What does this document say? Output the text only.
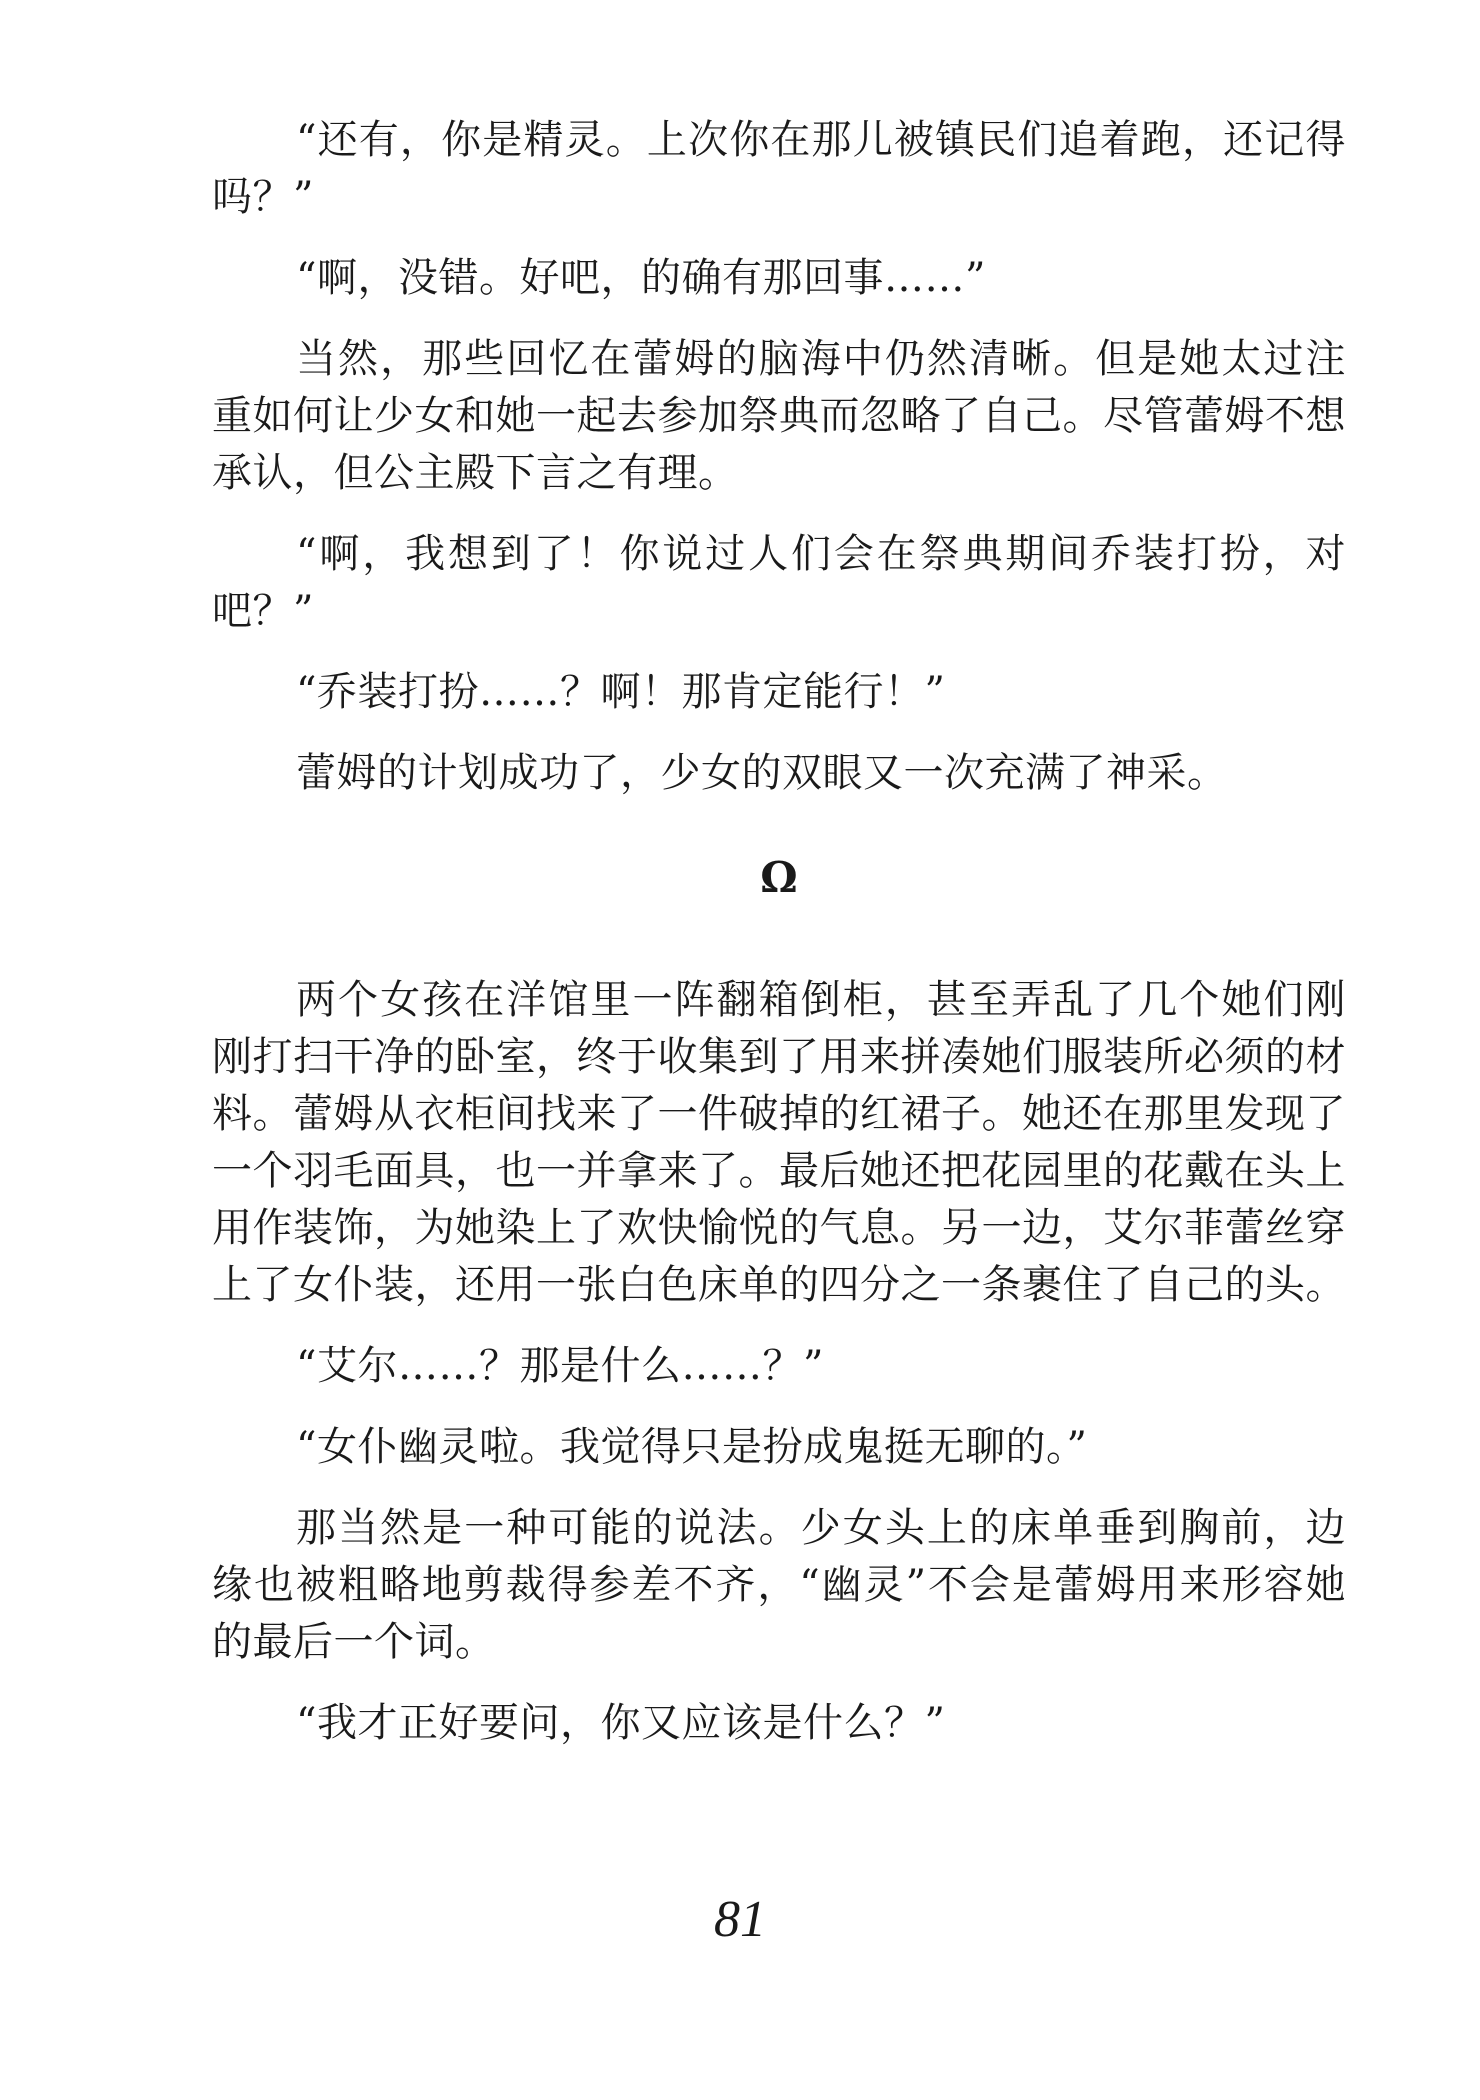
“还有，你是精灵。上次你在那儿被镇民们追着跑，还记得吗？”

“啊，没错。好吧，的确有那回事……”

当然，那些回忆在蕾姆的脑海中仍然清晰。但是她太过注重如何让少女和她一起去参加祭典而忽略了自己。尽管蕾姆不想承认，但公主殿下言之有理。

“啊，我想到了！你说过人们会在祭典期间乔装打扮，对吧？”

“乔装打扮……？啊！那肯定能行！”

蕾姆的计划成功了，少女的双眼又一次充满了神采。

Ω

两个女孩在洋馆里一阵翻箱倒柜，甚至弄乱了几个她们刚刚打扫干净的卧室，终于收集到了用来拼凑她们服装所必须的材料。蕾姆从衣柜间找来了一件破掉的红裙子。她还在那里发现了一个羽毛面具，也一并拿来了。最后她还把花园里的花戴在头上用作装饰，为她染上了欢快愉悦的气息。另一边，艾尔菲蕾丝穿上了女仆装，还用一张白色床单的四分之一条裹住了自己的头。

“艾尔……？那是什么……？”

“女仆幽灵啦。我觉得只是扮成鬼挺无聊的。”

那当然是一种可能的说法。少女头上的床单垂到胸前，边缘也被粗略地剪裁得参差不齐，“幽灵”不会是蕾姆用来形容她的最后一个词。

“我才正好要问，你又应该是什么？”

81
